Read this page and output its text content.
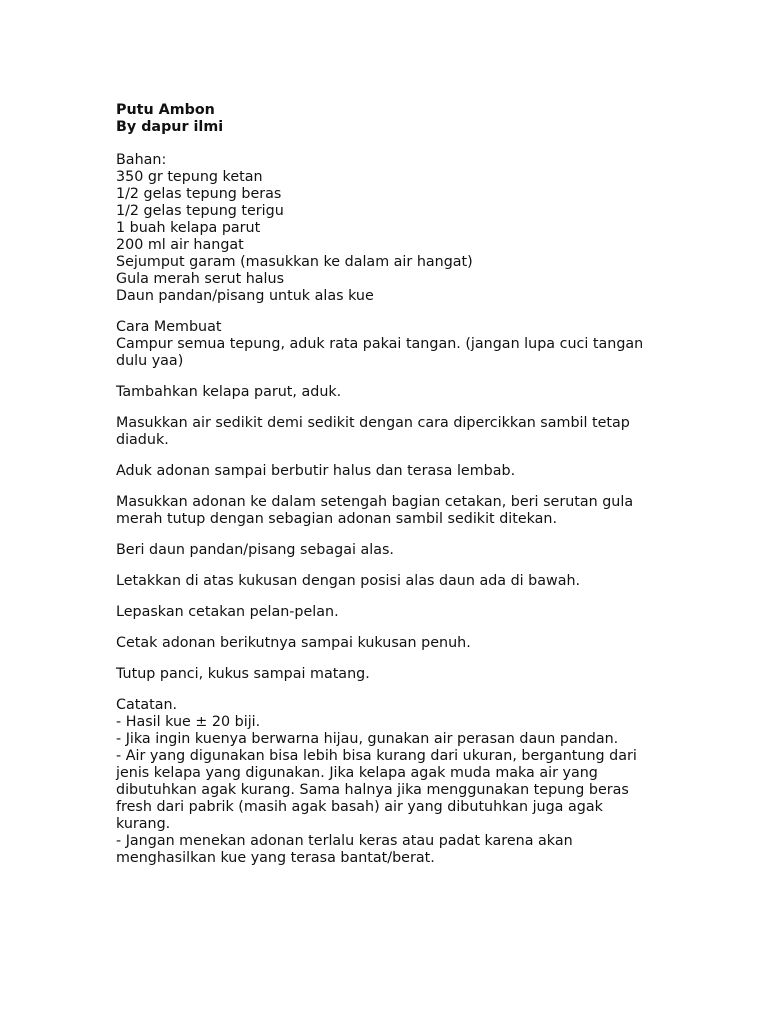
Putu Ambon
By dapur ilmi
Bahan:
350 gr tepung ketan
1/2 gelas tepung beras
1/2 gelas tepung terigu
1 buah kelapa parut
200 ml air hangat
Sejumput garam (masukkan ke dalam air hangat)
Gula merah serut halus
Daun pandan/pisang untuk alas kue
Cara Membuat

Campur semua tepung, aduk rata pakai tangan. (jangan lupa cuci tangan dulu yaa)

Tambahkan kelapa parut, aduk.

Masukkan air sedikit demi sedikit dengan cara dipercikkan sambil tetap diaduk.

Aduk adonan sampai berbutir halus dan terasa lembab.

Masukkan adonan ke dalam setengah bagian cetakan, beri serutan gula merah tutup dengan sebagian adonan sambil sedikit ditekan.

Beri daun pandan/pisang sebagai alas.

Letakkan di atas kukusan dengan posisi alas daun ada di bawah.

Lepaskan cetakan pelan-pelan.

Cetak adonan berikutnya sampai kukusan penuh.

Tutup panci, kukus sampai matang.

Catatan.
- Hasil kue ± 20 biji.
- Jika ingin kuenya berwarna hijau, gunakan air perasan daun pandan.
- Air yang digunakan bisa lebih bisa kurang dari ukuran, bergantung dari jenis kelapa yang digunakan. Jika kelapa agak muda maka air yang dibutuhkan agak kurang. Sama halnya jika menggunakan tepung beras fresh dari pabrik (masih agak basah) air yang dibutuhkan juga agak kurang.
- Jangan menekan adonan terlalu keras atau padat karena akan menghasilkan kue yang terasa bantat/berat.
